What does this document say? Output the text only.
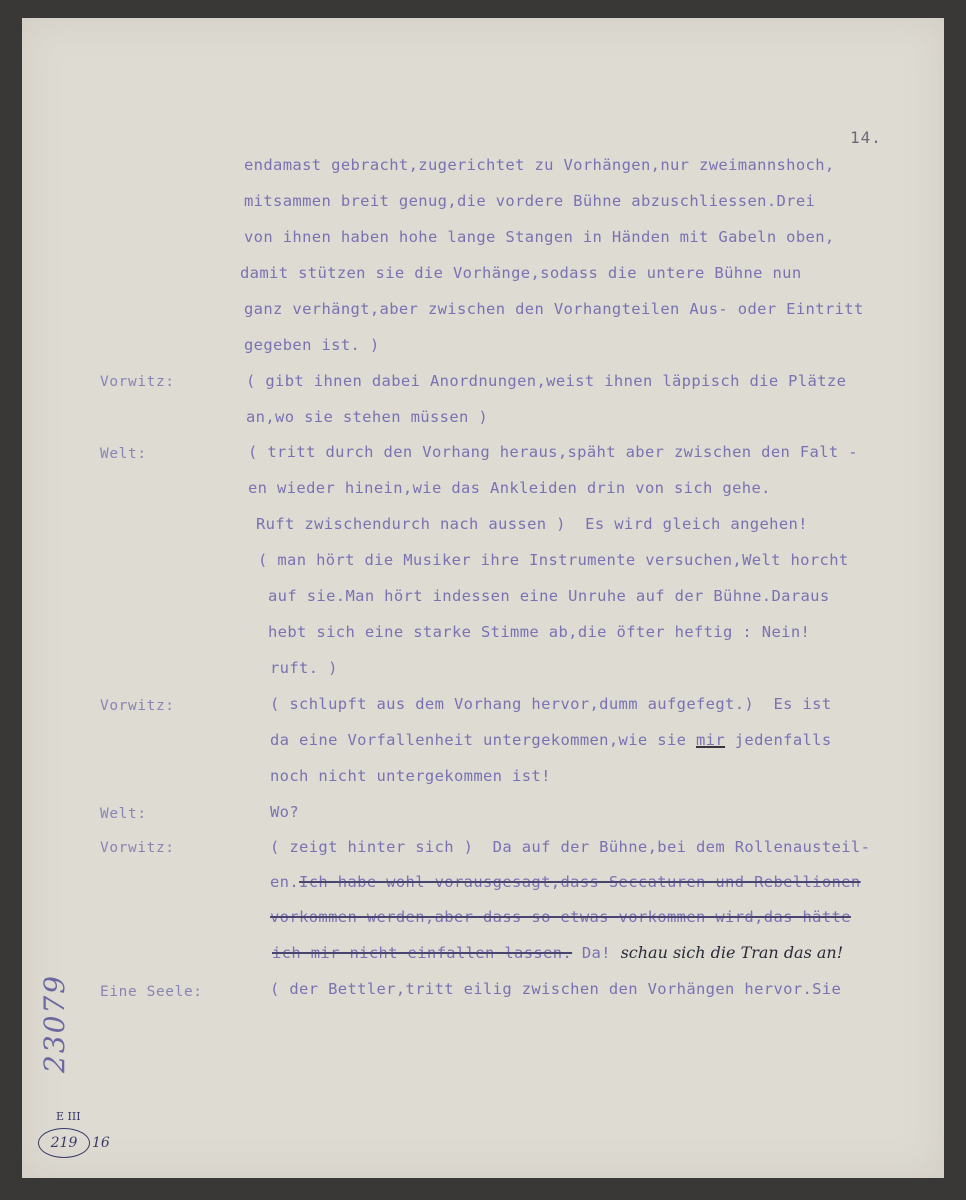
14.
endamast gebracht,zugerichtet zu Vorhängen,nur zweimannshoch,
mitsammen breit genug,die vordere Bühne abzuschliessen.Drei
von ihnen haben hohe lange Stangen in Händen mit Gabeln oben,
damit stützen sie die Vorhänge,sodass die untere Bühne nun
ganz verhängt,aber zwischen den Vorhangteilen Aus- oder Eintritt
gegeben ist. )
Vorwitz:	( gibt ihnen dabei Anordnungen,weist ihnen läppisch die Plätze
an,wo sie stehen müssen )
Welt:	( tritt durch den Vorhang heraus,späht aber zwischen den Falt -
en wieder hinein,wie das Ankleiden drin von sich gehe.
Ruft zwischendurch nach aussen )  Es wird gleich angehen!
( man hört die Musiker ihre Instrumente versuchen,Welt horcht
auf sie.Man hört indessen eine Unruhe auf der Bühne.Daraus
hebt sich eine starke Stimme ab,die öfter heftig : Nein!
ruft. )
Vorwitz:	( schlupft aus dem Vorhang hervor,dumm aufgefegt.)  Es ist
da eine Vorfallenheit untergekommen,wie sie mir jedenfalls
noch nicht untergekommen ist!
Welt:	Wo?
Vorwitz:	( zeigt hinter sich )  Da auf der Bühne,bei dem Rollenausteil-
en.Ich habe wohl vorausgesagt,dass Seccaturen und Rebellionen
vorkommen werden,aber dass so etwas vorkommen wird,das hätte
ich mir nicht einfallen lassen. Da! schau sich die Tran das an!
Eine Seele:	( der Bettler,tritt eilig zwischen den Vorhängen hervor.Sie
23079
E III
219	16
